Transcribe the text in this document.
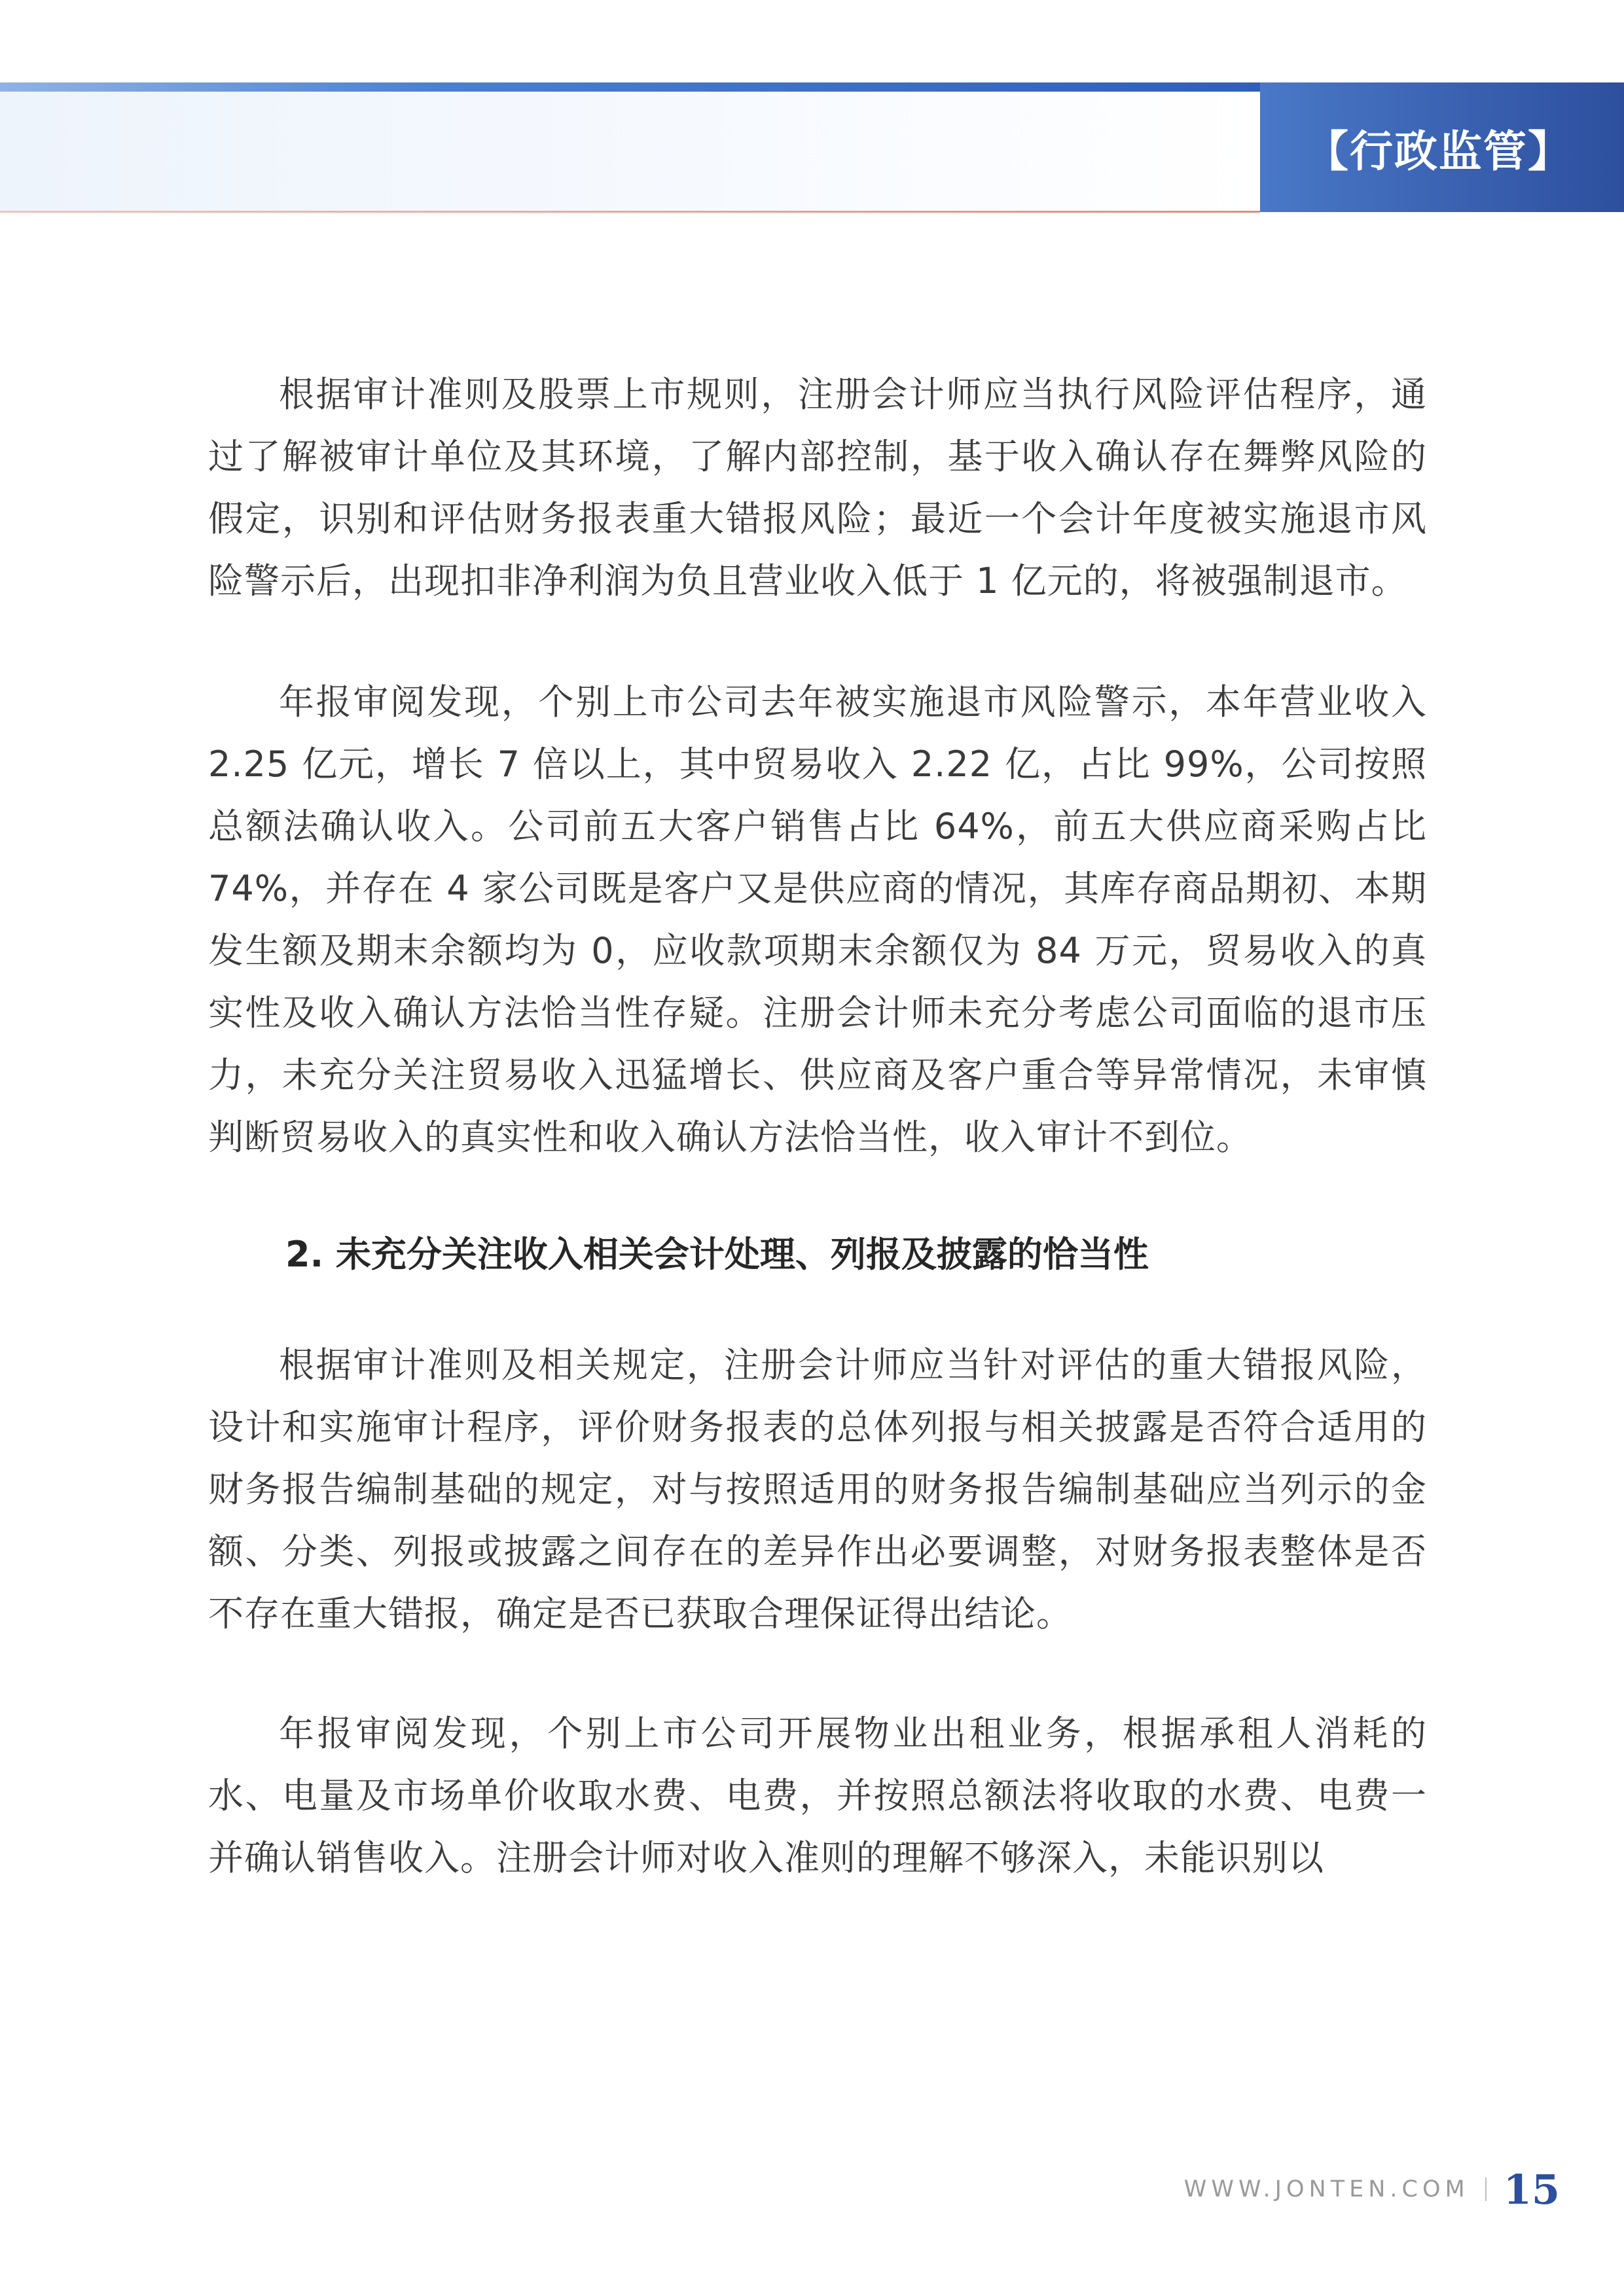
【行政监管】

根据审计准则及股票上市规则，注册会计师应当执行风险评估程序，通过了解被审计单位及其环境，了解内部控制，基于收入确认存在舞弊风险的假定，识别和评估财务报表重大错报风险；最近一个会计年度被实施退市风险警示后，出现扣非净利润为负且营业收入低于 1 亿元的，将被强制退市。

年报审阅发现，个别上市公司去年被实施退市风险警示，本年营业收入 2.25 亿元，增长 7 倍以上，其中贸易收入 2.22 亿，占比 99%，公司按照总额法确认收入。公司前五大客户销售占比 64%，前五大供应商采购占比 74%，并存在 4 家公司既是客户又是供应商的情况，其库存商品期初、本期发生额及期末余额均为 0，应收款项期末余额仅为 84 万元，贸易收入的真实性及收入确认方法恰当性存疑。注册会计师未充分考虑公司面临的退市压力，未充分关注贸易收入迅猛增长、供应商及客户重合等异常情况，未审慎判断贸易收入的真实性和收入确认方法恰当性，收入审计不到位。

2. 未充分关注收入相关会计处理、列报及披露的恰当性

根据审计准则及相关规定，注册会计师应当针对评估的重大错报风险，设计和实施审计程序，评价财务报表的总体列报与相关披露是否符合适用的财务报告编制基础的规定，对与按照适用的财务报告编制基础应当列示的金额、分类、列报或披露之间存在的差异作出必要调整，对财务报表整体是否不存在重大错报，确定是否已获取合理保证得出结论。

年报审阅发现，个别上市公司开展物业出租业务，根据承租人消耗的水、电量及市场单价收取水费、电费，并按照总额法将收取的水费、电费一并确认销售收入。注册会计师对收入准则的理解不够深入，未能识别以

WWW.JONTEN.COM 15
